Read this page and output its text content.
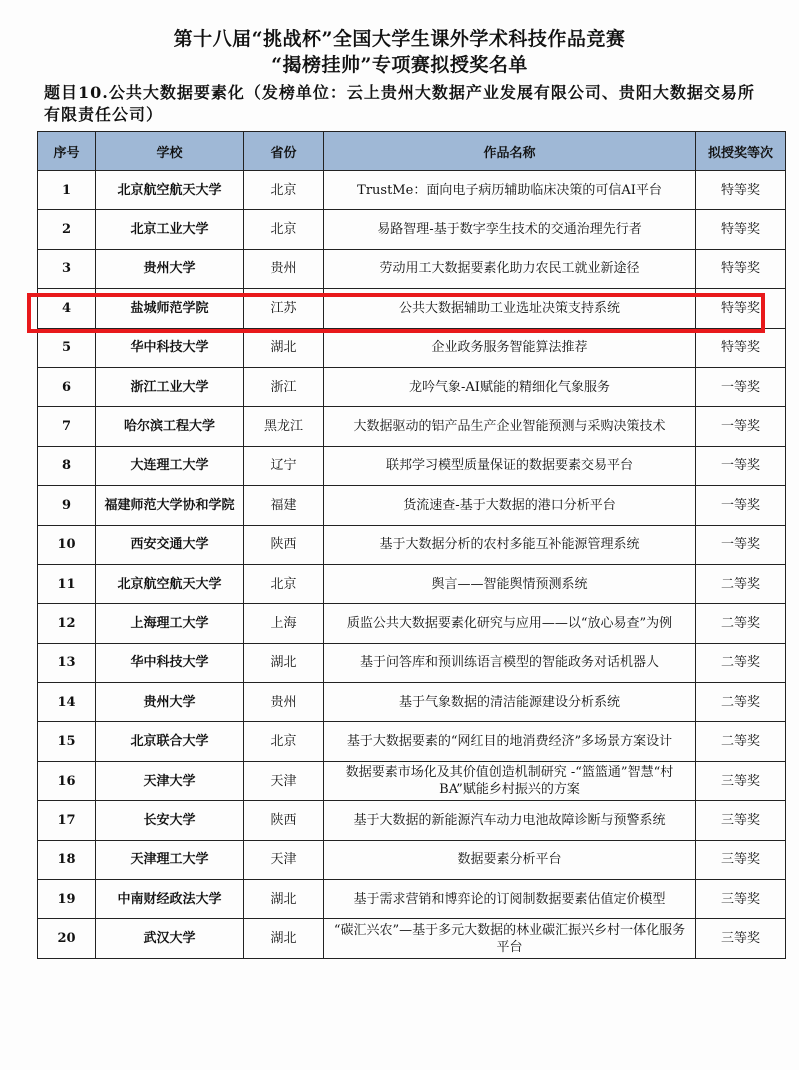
第十八届“挑战杯”全国大学生课外学术科技作品竞赛
“揭榜挂帅”专项赛拟授奖名单
题目10.公共大数据要素化（发榜单位：云上贵州大数据产业发展有限公司、贵阳大数据交易所有限责任公司）
序号	学校	省份	作品名称	拟授奖等次
1	北京航空航天大学	北京	TrustMe：面向电子病历辅助临床决策的可信AI平台	特等奖
2	北京工业大学	北京	易路智理-基于数字孪生技术的交通治理先行者	特等奖
3	贵州大学	贵州	劳动用工大数据要素化助力农民工就业新途径	特等奖
4	盐城师范学院	江苏	公共大数据辅助工业选址决策支持系统	特等奖
5	华中科技大学	湖北	企业政务服务智能算法推荐	特等奖
6	浙江工业大学	浙江	龙吟气象-AI赋能的精细化气象服务	一等奖
7	哈尔滨工程大学	黑龙江	大数据驱动的铝产品生产企业智能预测与采购决策技术	一等奖
8	大连理工大学	辽宁	联邦学习模型质量保证的数据要素交易平台	一等奖
9	福建师范大学协和学院	福建	货流速查-基于大数据的港口分析平台	一等奖
10	西安交通大学	陕西	基于大数据分析的农村多能互补能源管理系统	一等奖
11	北京航空航天大学	北京	舆言——智能舆情预测系统	二等奖
12	上海理工大学	上海	质监公共大数据要素化研究与应用——以“放心易查”为例	二等奖
13	华中科技大学	湖北	基于问答库和预训练语言模型的智能政务对话机器人	二等奖
14	贵州大学	贵州	基于气象数据的清洁能源建设分析系统	二等奖
15	北京联合大学	北京	基于大数据要素的“网红目的地消费经济”多场景方案设计	二等奖
16	天津大学	天津	数据要素市场化及其价值创造机制研究 -“篮篮通”智慧“村BA”赋能乡村振兴的方案	三等奖
17	长安大学	陕西	基于大数据的新能源汽车动力电池故障诊断与预警系统	三等奖
18	天津理工大学	天津	数据要素分析平台	三等奖
19	中南财经政法大学	湖北	基于需求营销和博弈论的订阅制数据要素估值定价模型	三等奖
20	武汉大学	湖北	“碳汇兴农”—基于多元大数据的林业碳汇振兴乡村一体化服务平台	三等奖
